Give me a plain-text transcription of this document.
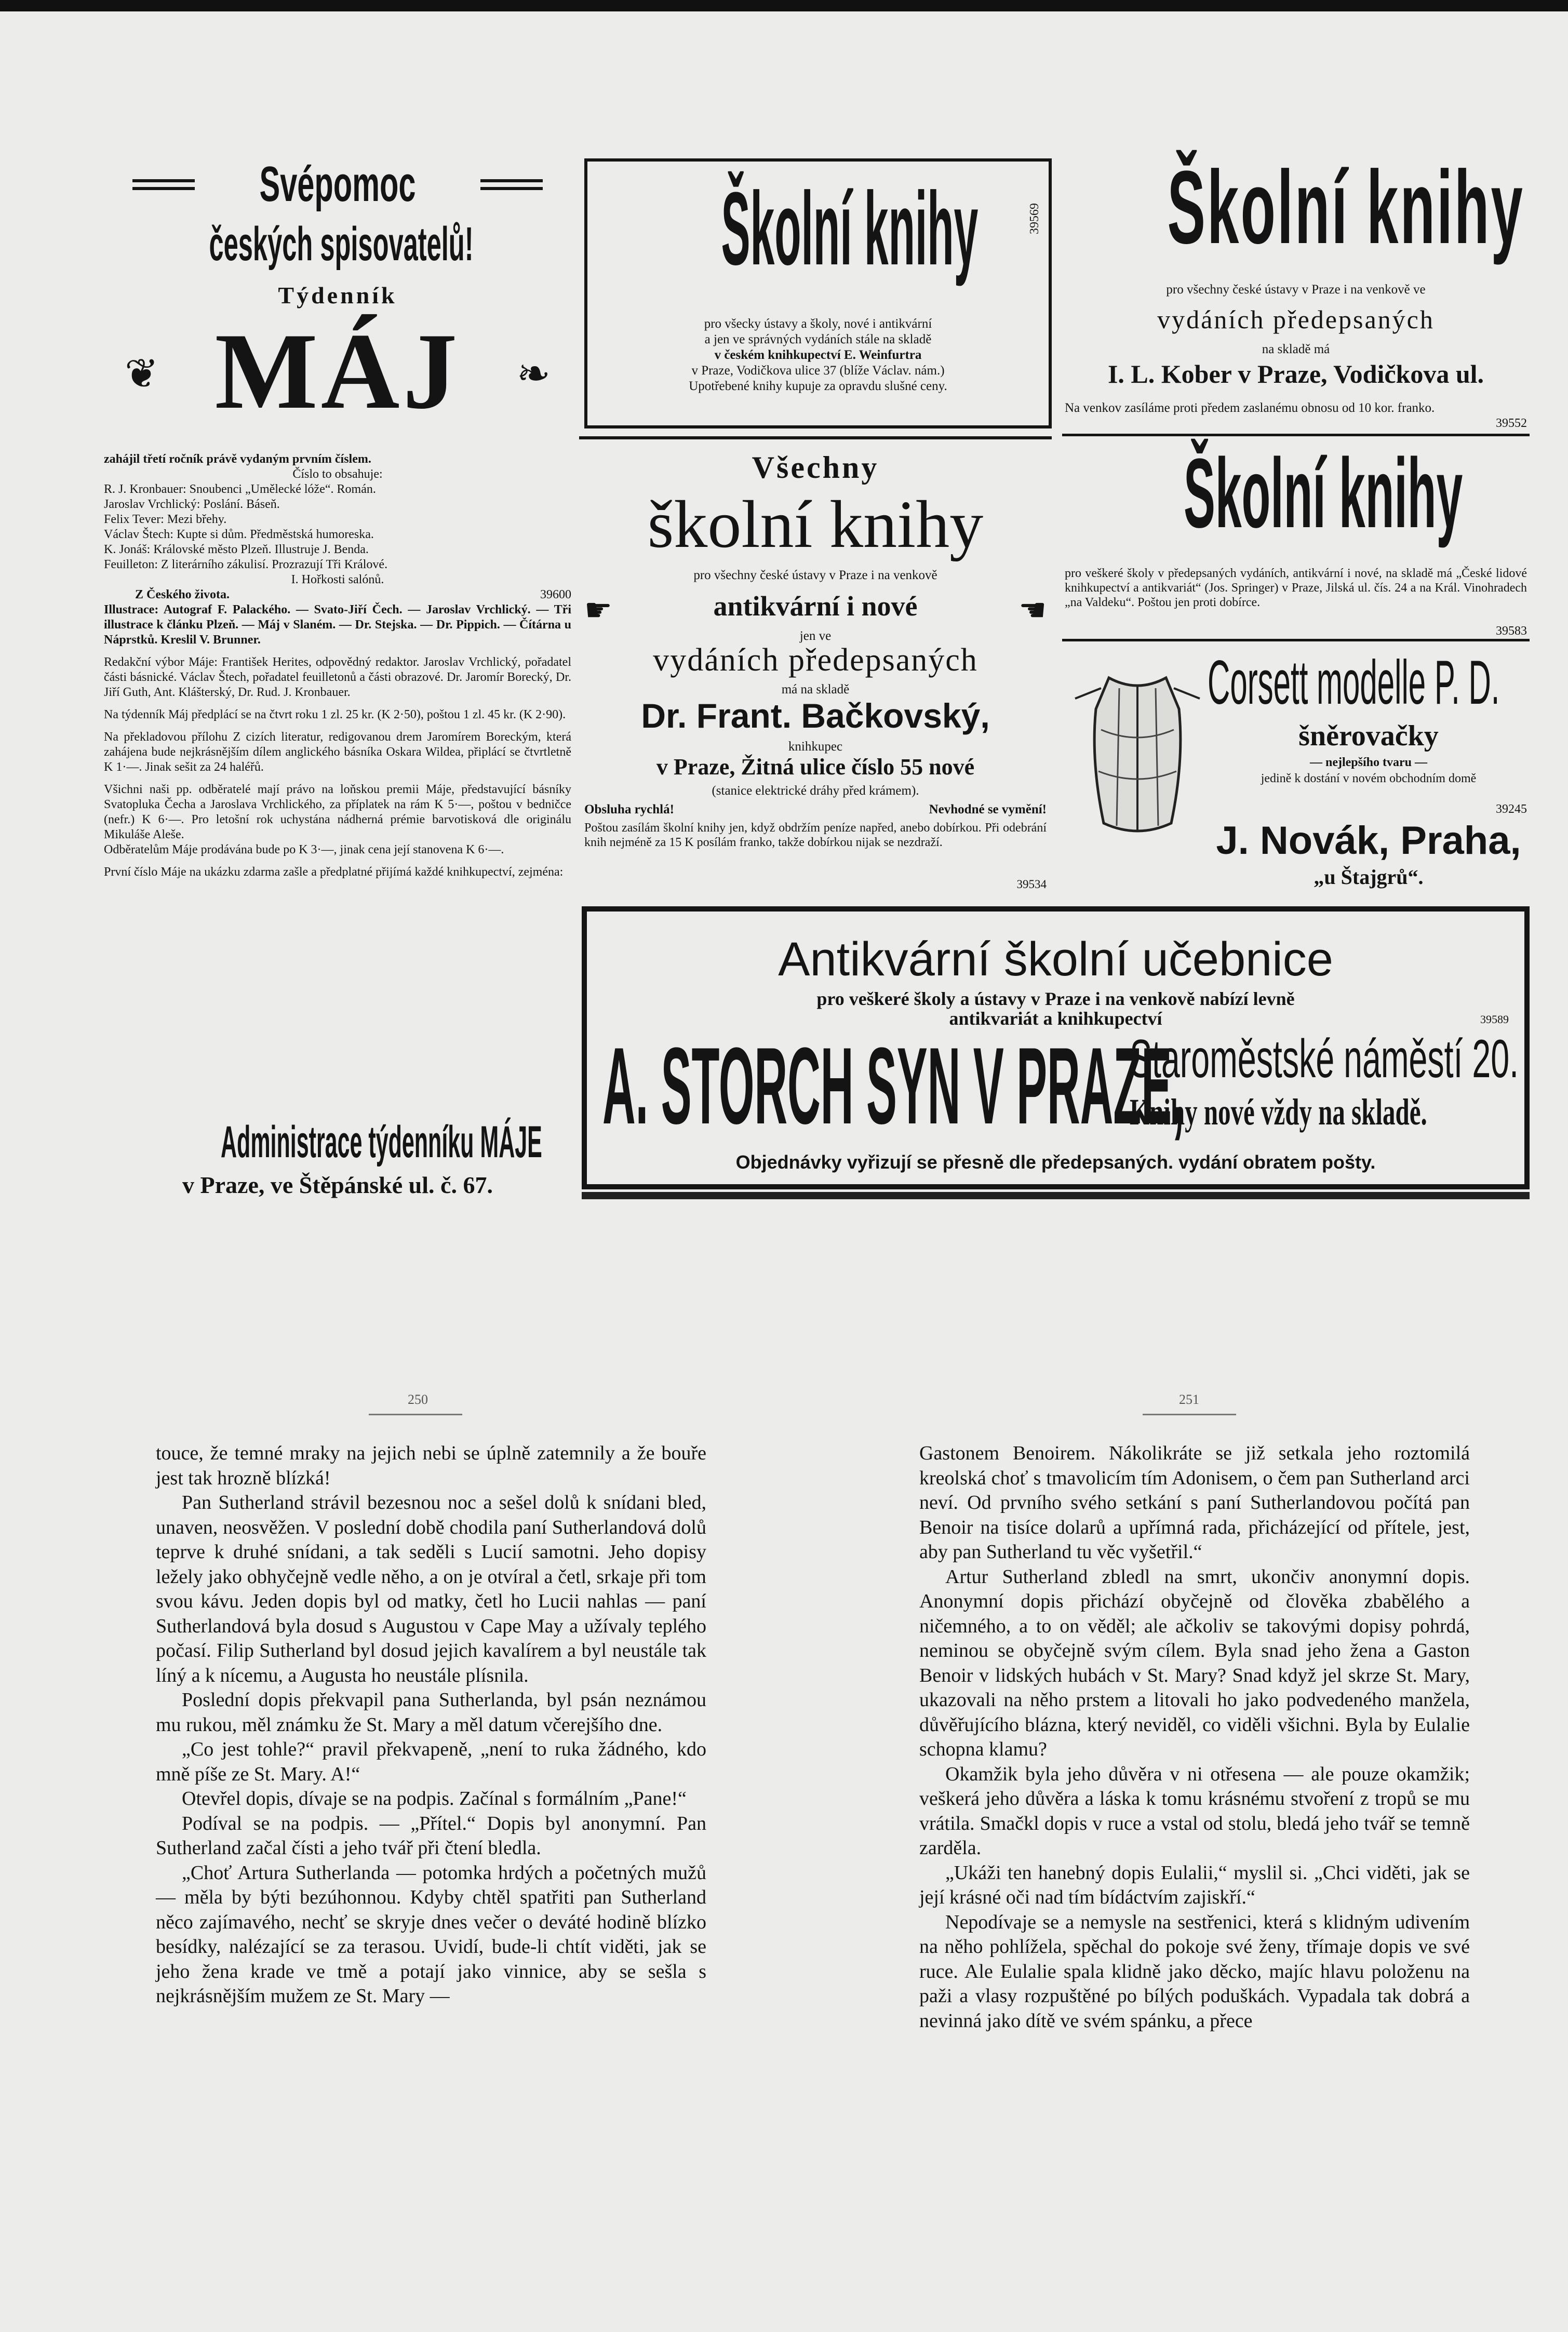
Svépomoc
českých spisovatelů!
Týdenník
❦ MÁJ	❧

zahájil třetí ročník právě vydaným prvním číslem.

Číslo to obsahuje:

R. J. Kronbauer: Snoubenci „Umělecké lóže“. Román.

Jaroslav Vrchlický: Poslání. Báseň.

Felix Tever: Mezi břehy.

Václav Štech: Kupte si dům. Předměstská humoreska.

K. Jonáš: Královské město Plzeň. Illustruje J. Benda.

Feuilleton: Z literárního zákulisí. Prozrazují Tři Králové.

I. Hořkosti salónů.

Z Českého života.	39600

Illustrace: Autograf F. Palackého. — Svato-Jiří Čech. — Jaroslav Vrchlický. — Tři illustrace k článku Plzeň. — Máj v Slaném. — Dr. Stejska. — Dr. Pippich. — Čítárna u Náprstků. Kreslil V. Brunner.

Redakční výbor Máje: František Herites, odpovědný redaktor. Jaroslav Vrchlický, pořadatel části básnické. Václav Štech, pořadatel feuilletonů a části obrazové. Dr. Jaromír Borecký, Dr. Jiří Guth, Ant. Klášterský, Dr. Rud. J. Kronbauer.

Na týdenník Máj předplácí se na čtvrt roku 1 zl. 25 kr. (K 2·50), poštou 1 zl. 45 kr. (K 2·90).

Na překladovou přílohu Z cizích literatur, redigovanou drem Jaromírem Boreckým, která zahájena bude nejkrásnějším dílem anglického básníka Oskara Wildea, připlácí se čtvrtletně K 1·—. Jinak sešit za 24 haléřů.

Všichni naši pp. odběratelé mají právo na loňskou premii Máje, představující básníky Svatopluka Čecha a Jaroslava Vrchlického, za příplatek na rám K 5·—, poštou v bedničce (nefr.) K 6·—. Pro letošní rok uchystána nádherná prémie barvotisková dle originálu Mikuláše Aleše.

Odběratelům Máje prodávána bude po K 3·—, jinak cena její stanovena K 6·—.

První číslo Máje na ukázku zdarma zašle a předplatné přijímá každé knihkupectví, zejména:

Administrace týdenníku MÁJE
v Praze, ve Štěpánské ul. č. 67.
Školní knihy	39569
pro všecky ústavy a školy, nové i antikvární
a jen ve správných vydáních stále na skladě
v českém knihkupectví E. Weinfurtra
v Praze, Vodičkova ulice 37 (blíže Václav. nám.)
Upotřebené knihy kupuje za opravdu slušné ceny.
Všechny
školní knihy
pro všechny české ústavy v Praze i na venkově
antikvární i nové
☛	☚
jen ve
vydáních předepsaných
má na skladě
Dr. Frant. Bačkovský,
knihkupec
v Praze, Žitná ulice číslo 55 nové
(stanice elektrické dráhy před krámem).
Obsluha rychlá!	Nevhodné se vymění!
Poštou zasílám školní knihy jen, když obdržím peníze napřed, anebo dobírkou. Při odebrání knih nejméně za 15 K posílám franko, takže dobírkou nijak se nezdraží.
39534
Školní knihy
pro všechny české ústavy v Praze i na venkově ve
vydáních předepsaných
na skladě má
I. L. Kober v Praze, Vodičkova ul.
Na venkov zasíláme proti předem zaslanému obnosu od 10 kor. franko.
39552
Školní knihy
pro veškeré školy v předepsaných vydáních, antikvární i nové, na skladě má „České lidové knihkupectví a antikvariát“ (Jos. Springer) v Praze, Jilská ul. čís. 24 a na Král. Vinohradech „na Valdeku“. Poštou jen proti dobírce.
39583
Corsett modelle P. D.
šněrovačky
— nejlepšího tvaru —
jedině k dostání v novém obchodním domě
39245
J. Novák, Praha,
„u Štajgrů“.
Antikvární školní učebnice
pro veškeré školy a ústavy v Praze i na venkově nabízí levně
antikvariát a knihkupectví	39589
A. STORCH SYN V PRAZE,
Staroměstské náměstí 20.
Knihy nové vždy na skladě.
Objednávky vyřizují se přesně dle předepsaných. vydání obratem pošty.
250	251

touce, že temné mraky na jejich nebi se úplně zatemnily a že bouře jest tak hrozně blízká!

Pan Sutherland strávil bezesnou noc a sešel dolů k snídani bled, unaven, neosvěžen. V poslední době chodila paní Sutherlandová dolů teprve k druhé snídani, a tak seděli s Lucií samotni. Jeho dopisy ležely jako obhyčejně vedle něho, a on je otvíral a četl, srkaje při tom svou kávu. Jeden dopis byl od matky, četl ho Lucii nahlas — paní Sutherlandová byla dosud s Augustou v Cape May a užívaly teplého počasí. Filip Sutherland byl dosud jejich kavalírem a byl neustále tak líný a k nícemu, a Augusta ho neustále plísnila.

Poslední dopis překvapil pana Sutherlanda, byl psán neznámou mu rukou, měl známku že St. Mary a měl datum včerejšího dne.

„Co jest tohle?“ pravil překvapeně, „není to ruka žádného, kdo mně píše ze St. Mary. A!“

Otevřel dopis, dívaje se na podpis. Začínal s formálním „Pane!“

Podíval se na podpis. — „Přítel.“ Dopis byl anonymní. Pan Sutherland začal čísti a jeho tvář při čtení bledla.

„Choť Artura Sutherlanda — potomka hrdých a početných mužů — měla by býti bezúhonnou. Kdyby chtěl spatřiti pan Sutherland něco zajímavého, nechť se skryje dnes večer o deváté hodině blízko besídky, nalézající se za terasou. Uvidí, bude-li chtít viděti, jak se jeho žena krade ve tmě a potají jako vinnice, aby se sešla s nejkrásnějším mužem ze St. Mary —

Gastonem Benoirem. Nákolikráte se již setkala jeho roztomilá kreolská choť s tmavolicím tím Adonisem, o čem pan Sutherland arci neví. Od prvního svého setkání s paní Sutherlandovou počítá pan Benoir na tisíce dolarů a upřímná rada, přicházející od přítele, jest, aby pan Sutherland tu věc vyšetřil.“

Artur Sutherland zbledl na smrt, ukončiv anonymní dopis. Anonymní dopis přichází obyčejně od člověka zbabělého a ničemného, a to on věděl; ale ačkoliv se takovými dopisy pohrdá, neminou se obyčejně svým cílem. Byla snad jeho žena a Gaston Benoir v lidských hubách v St. Mary? Snad když jel skrze St. Mary, ukazovali na něho prstem a litovali ho jako podvedeného manžela, důvěřujícího blázna, který neviděl, co viděli všichni. Byla by Eulalie schopna klamu?

Okamžik byla jeho důvěra v ni otřesena — ale pouze okamžik; veškerá jeho důvěra a láska k tomu krásnému stvoření z tropů se mu vrátila. Smačkl dopis v ruce a vstal od stolu, bledá jeho tvář se temně zarděla.

„Ukáži ten hanebný dopis Eulalii,“ myslil si. „Chci viděti, jak se její krásné oči nad tím bídáctvím zajiskří.“

Nepodívaje se a nemysle na sestřenici, která s klidným udivením na něho pohlížela, spěchal do pokoje své ženy, třímaje dopis ve své ruce. Ale Eulalie spala klidně jako děcko, majíc hlavu položenu na paži a vlasy rozpuštěné po bílých poduškách. Vypadala tak dobrá a nevinná jako dítě ve svém spánku, a přece
